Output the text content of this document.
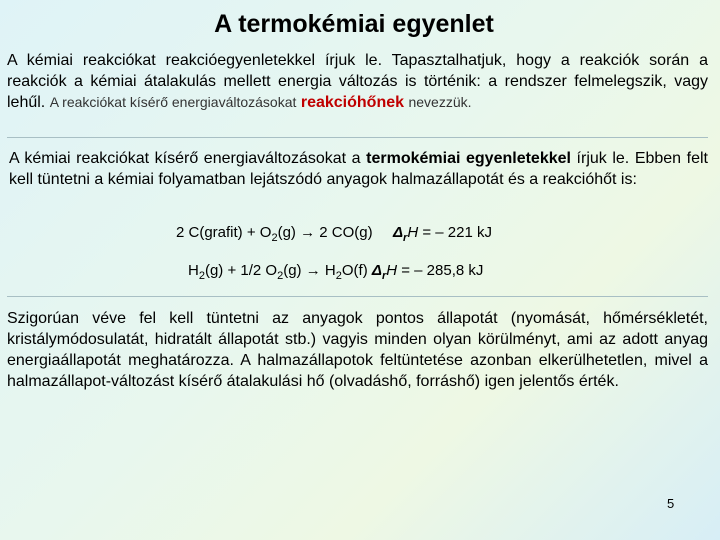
A termokémiai egyenlet
A kémiai reakciókat reakcióegyenletekkel írjuk le. Tapasztalhatjuk, hogy a reakciók során a reakciók a kémiai átalakulás mellett energia változás is történik: a rendszer felmelegszik, vagy lehűl. A reakciókat kísérő energiaváltozásokat reakcióhőnek nevezzük.
A kémiai reakciókat kísérő energiaváltozásokat a termokémiai egyenletekkel írjuk le. Ebben felt kell tüntetni a kémiai folyamatban lejátszódó anyagok halmazállapotát és a reakcióhőt is:
2 C(grafit) + $O_2(g) \to 2$ CO(g) $\Delta_rH$ = – 221 kJ
$H_2(g) + 1/2$ $O_2(g) \to H_2O(f) \Delta_rH$ = – 285,8 kJ
Szigorúan véve fel kell tüntetni az anyagok pontos állapotát (nyomását, hőmérsékletét, kristálymódosulatát, hidratált állapotát stb.) vagyis minden olyan körülményt, ami az adott anyag energiaállapotát meghatározza. A halmazállapotok feltüntetése azonban elkerülhetetlen, mivel a halmazállapot-változást kísérő átalakulási hő (olvadáshő, forráshő) igen jelentős érték.
5
